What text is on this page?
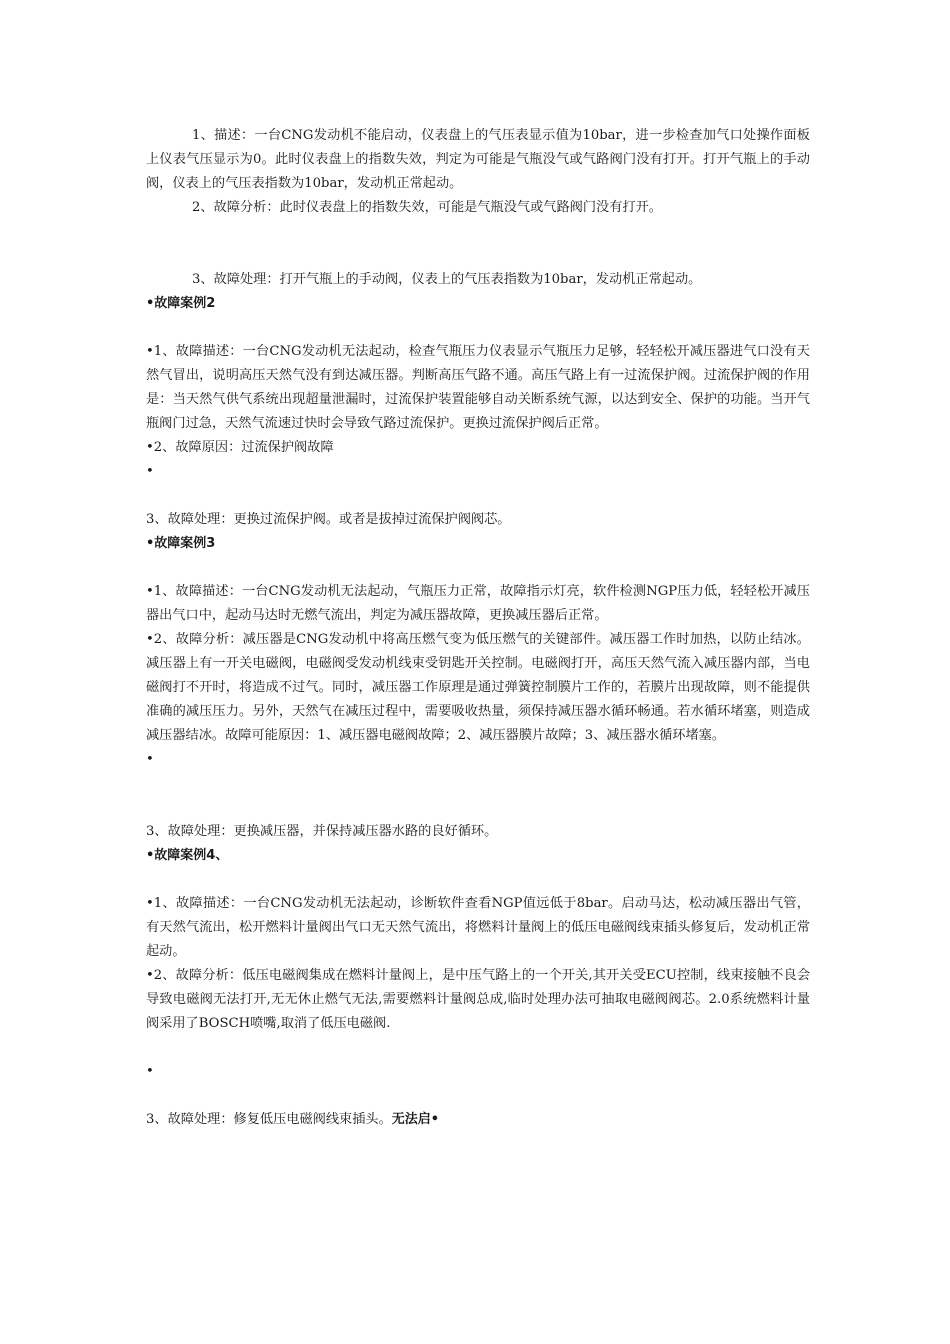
1、描述：一台CNG发动机不能启动，仪表盘上的气压表显示值为10bar，进一步检查加气口处操作面板上仪表气压显示为0。此时仪表盘上的指数失效，判定为可能是气瓶没气或气路阀门没有打开。打开气瓶上的手动阀，仪表上的气压表指数为10bar，发动机正常起动。

2、故障分析：此时仪表盘上的指数失效，可能是气瓶没气或气路阀门没有打开。

3、故障处理：打开气瓶上的手动阀，仪表上的气压表指数为10bar，发动机正常起动。

•故障案例2

•1、故障描述：一台CNG发动机无法起动，检查气瓶压力仪表显示气瓶压力足够，轻轻松开减压器进气口没有天然气冒出，说明高压天然气没有到达减压器。判断高压气路不通。高压气路上有一过流保护阀。过流保护阀的作用是：当天然气供气系统出现超量泄漏时，过流保护装置能够自动关断系统气源，以达到安全、保护的功能。当开气瓶阀门过急，天然气流速过快时会导致气路过流保护。更换过流保护阀后正常。

•2、故障原因：过流保护阀故障

•

3、故障处理：更换过流保护阀。或者是拔掉过流保护阀阀芯。

•故障案例3

•1、故障描述：一台CNG发动机无法起动，气瓶压力正常，故障指示灯亮，软件检测NGP压力低，轻轻松开减压器出气口中，起动马达时无燃气流出，判定为减压器故障，更换减压器后正常。

•2、故障分析：减压器是CNG发动机中将高压燃气变为低压燃气的关键部件。减压器工作时加热，以防止结冰。减压器上有一开关电磁阀，电磁阀受发动机线束受钥匙开关控制。电磁阀打开，高压天然气流入减压器内部，当电磁阀打不开时，将造成不过气。同时，减压器工作原理是通过弹簧控制膜片工作的，若膜片出现故障，则不能提供准确的减压压力。另外，天然气在减压过程中，需要吸收热量，须保持减压器水循环畅通。若水循环堵塞，则造成减压器结冰。故障可能原因：1、减压器电磁阀故障；2、减压器膜片故障；3、减压器水循环堵塞。

•

3、故障处理：更换减压器，并保持减压器水路的良好循环。

•故障案例4、

•1、故障描述：一台CNG发动机无法起动，诊断软件查看NGP值远低于8bar。启动马达，松动减压器出气管，有天然气流出，松开燃料计量阀出气口无天然气流出，将燃料计量阀上的低压电磁阀线束插头修复后，发动机正常起动。

•2、故障分析：低压电磁阀集成在燃料计量阀上，是中压气路上的一个开关,其开关受ECU控制，线束接触不良会导致电磁阀无法打开,无无休止燃气无法,需要燃料计量阀总成,临时处理办法可抽取电磁阀阀芯。2.0系统燃料计量阀采用了BOSCH喷嘴,取消了低压电磁阀.

•

3、故障处理：修复低压电磁阀线束插头。无法启•
